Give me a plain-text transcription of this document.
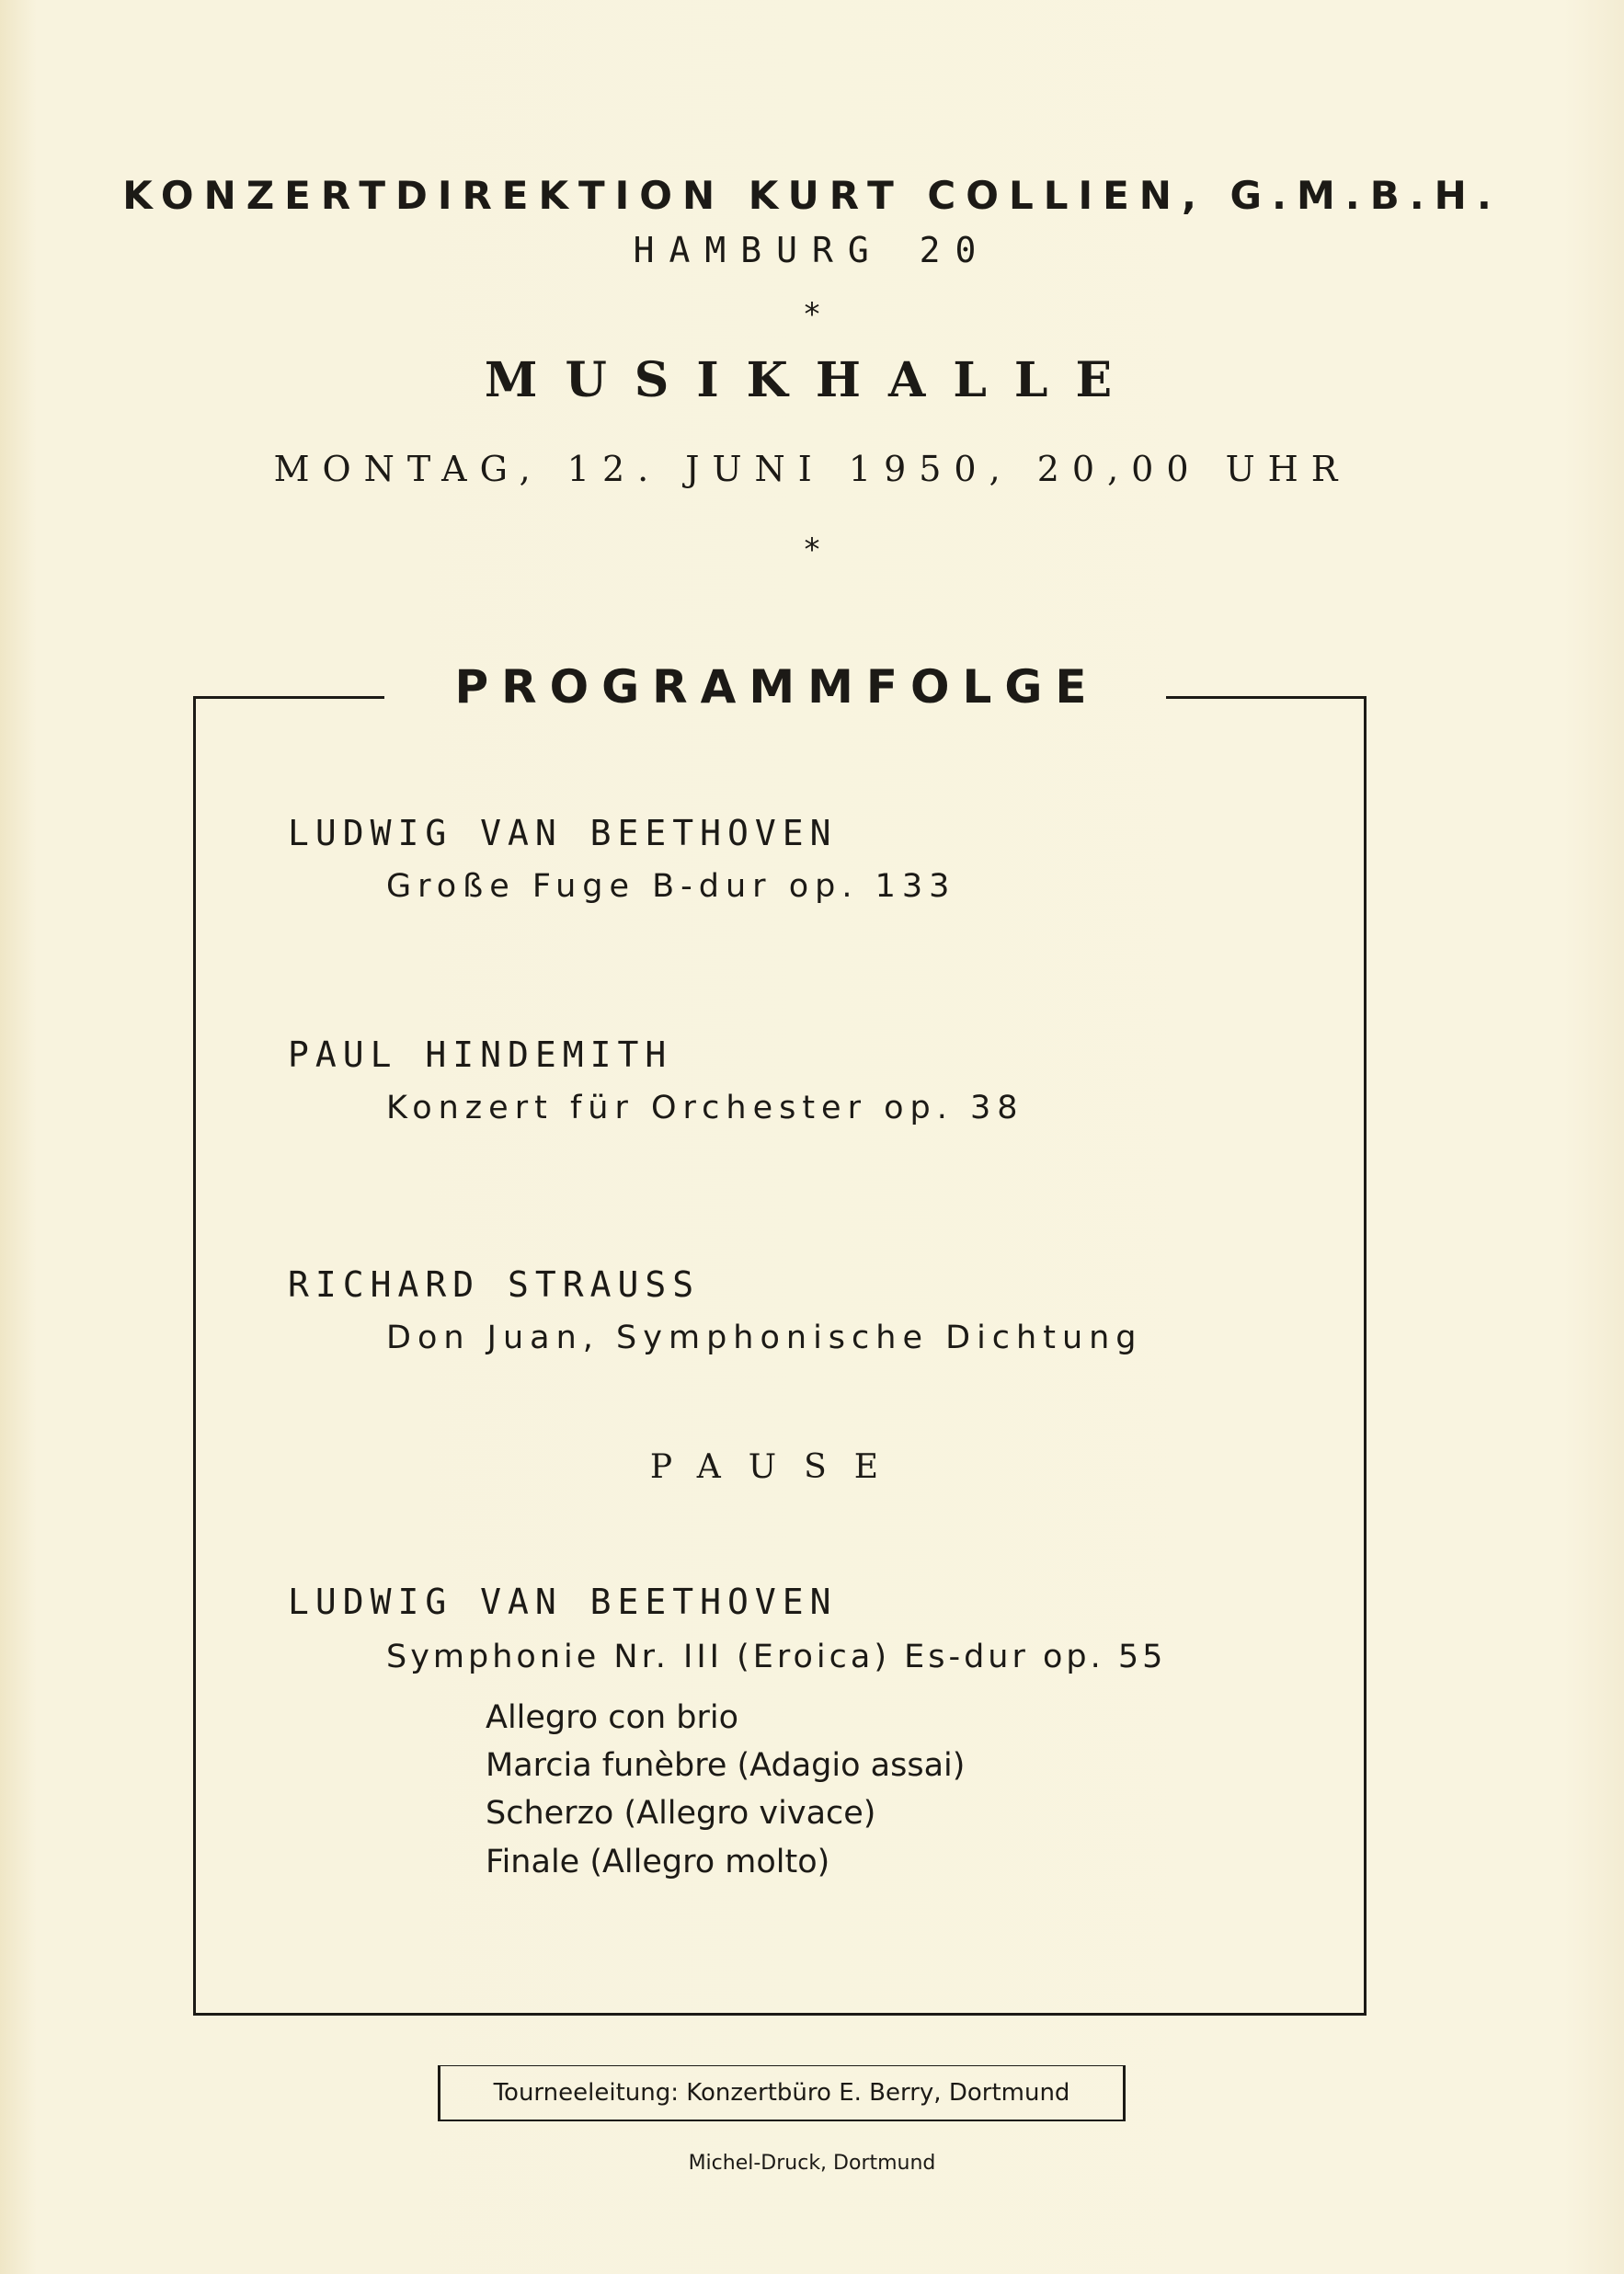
KONZERTDIREKTION KURT COLLIEN, G.M.B.H.
HAMBURG 20
*
MUSIKHALLE
MONTAG, 12. JUNI 1950, 20,00 UHR
*
PROGRAMMFOLGE
LUDWIG VAN BEETHOVEN
Große Fuge B-dur op. 133
PAUL HINDEMITH
Konzert für Orchester op. 38
RICHARD STRAUSS
Don Juan, Symphonische Dichtung
PAUSE
LUDWIG VAN BEETHOVEN
Symphonie Nr. III (Eroica) Es-dur op. 55
Allegro con brio
Marcia funèbre (Adagio assai)
Scherzo (Allegro vivace)
Finale (Allegro molto)
Tourneeleitung: Konzertbüro E. Berry, Dortmund
Michel-Druck, Dortmund
